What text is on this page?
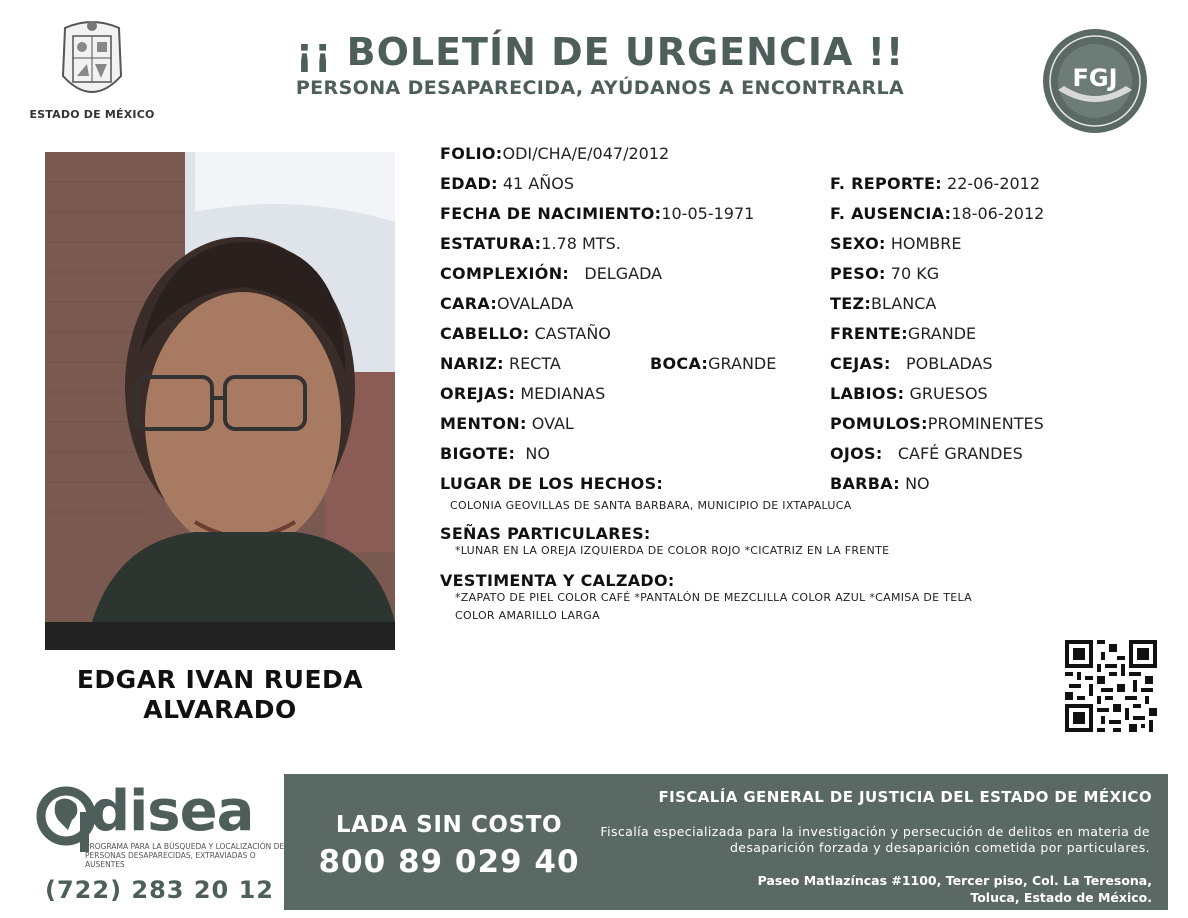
ESTADO DE MÉXICO
¡¡ BOLETÍN DE URGENCIA !!
PERSONA DESAPARECIDA, AYÚDANOS A ENCONTRARLA	FGJ
EDGAR IVAN RUEDA
ALVARADO
FOLIO:ODI/CHA/E/047/2012
EDAD: 41 AÑOS	F. REPORTE: 22-06-2012
FECHA DE NACIMIENTO:10-05-1971	F. AUSENCIA:18-06-2012
ESTATURA:1.78 MTS.	SEXO: HOMBRE
COMPLEXIÓN: DELGADA	PESO: 70 KG
CARA:OVALADA	TEZ:BLANCA
CABELLO: CASTAÑO	FRENTE:GRANDE
NARIZ: RECTA	BOCA:GRANDE	CEJAS: POBLADAS
OREJAS: MEDIANAS	LABIOS: GRUESOS
MENTON: OVAL	POMULOS:PROMINENTES
BIGOTE: NO	OJOS: CAFÉ GRANDES
LUGAR DE LOS HECHOS:	BARBA: NO
COLONIA GEOVILLAS DE SANTA BARBARA, MUNICIPIO DE IXTAPALUCA
SEÑAS PARTICULARES:
*LUNAR EN LA OREJA IZQUIERDA DE COLOR ROJO *CICATRIZ EN LA FRENTE
VESTIMENTA Y CALZADO:
*ZAPATO DE PIEL COLOR CAFÉ *PANTALÓN DE MEZCLILLA COLOR AZUL *CAMISA DE TELA
COLOR AMARILLO LARGA
disea
PROGRAMA PARA LA BÚSQUEDA Y LOCALIZACIÓN DE PERSONAS DESAPARECIDAS, EXTRAVIADAS O AUSENTES
(722) 283 20 12
LADA SIN COSTO
800 89 029 40
FISCALÍA GENERAL DE JUSTICIA DEL ESTADO DE MÉXICO
Fiscalía especializada para la investigación y persecución de delitos en materia de desaparición forzada y desaparición cometida por particulares.
Paseo Matlazíncas #1100, Tercer piso, Col. La Teresona,
Toluca, Estado de México.
